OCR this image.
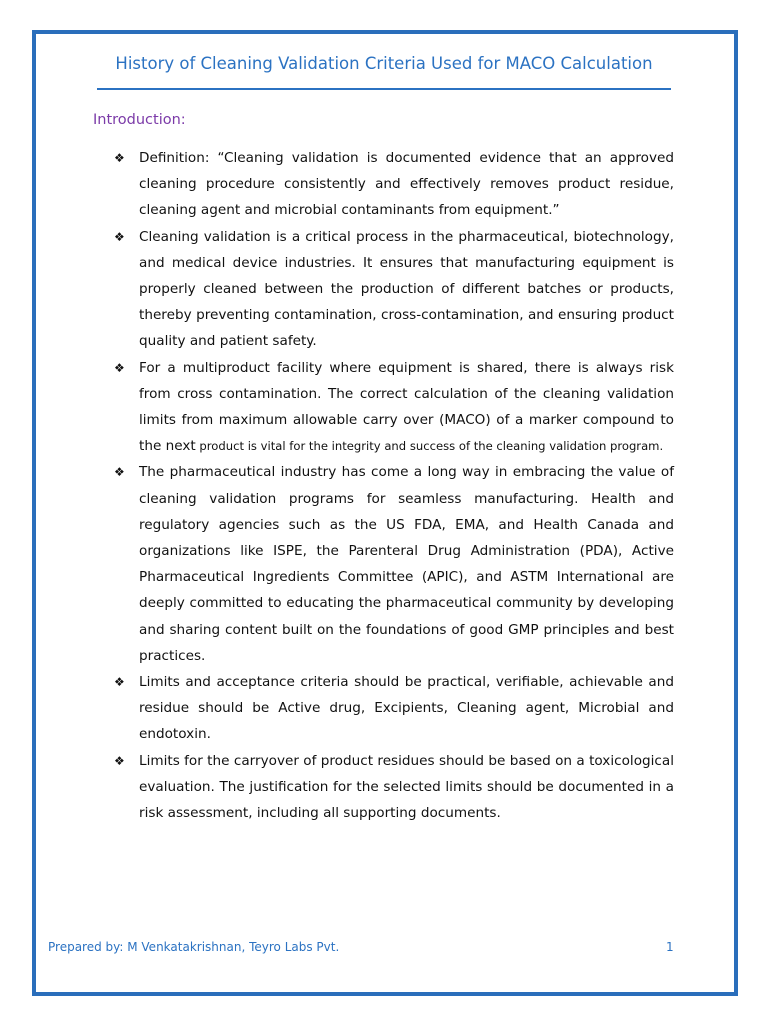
History of Cleaning Validation Criteria Used for MACO Calculation
Introduction:
❖ Definition: “Cleaning validation is documented evidence that an approved cleaning procedure consistently and effectively removes product residue, cleaning agent and microbial contaminants from equipment.”
❖ Cleaning validation is a critical process in the pharmaceutical, biotechnology, and medical device industries. It ensures that manufacturing equipment is properly cleaned between the production of different batches or products, thereby preventing contamination, cross-contamination, and ensuring product quality and patient safety.
❖ For a multiproduct facility where equipment is shared, there is always risk from cross contamination. The correct calculation of the cleaning validation limits from maximum allowable carry over (MACO) of a marker compound to the next product is vital for the integrity and success of the cleaning validation program.
❖ The pharmaceutical industry has come a long way in embracing the value of cleaning validation programs for seamless manufacturing. Health and regulatory agencies such as the US FDA, EMA, and Health Canada and organizations like ISPE, the Parenteral Drug Administration (PDA), Active Pharmaceutical Ingredients Committee (APIC), and ASTM International are deeply committed to educating the pharmaceutical community by developing and sharing content built on the foundations of good GMP principles and best practices.
❖ Limits and acceptance criteria should be practical, verifiable, achievable and residue should be Active drug, Excipients, Cleaning agent, Microbial and endotoxin.
❖ Limits for the carryover of product residues should be based on a toxicological evaluation. The justification for the selected limits should be documented in a risk assessment, including all supporting documents.
Prepared by: M Venkatakrishnan, Teyro Labs Pvt.	1
